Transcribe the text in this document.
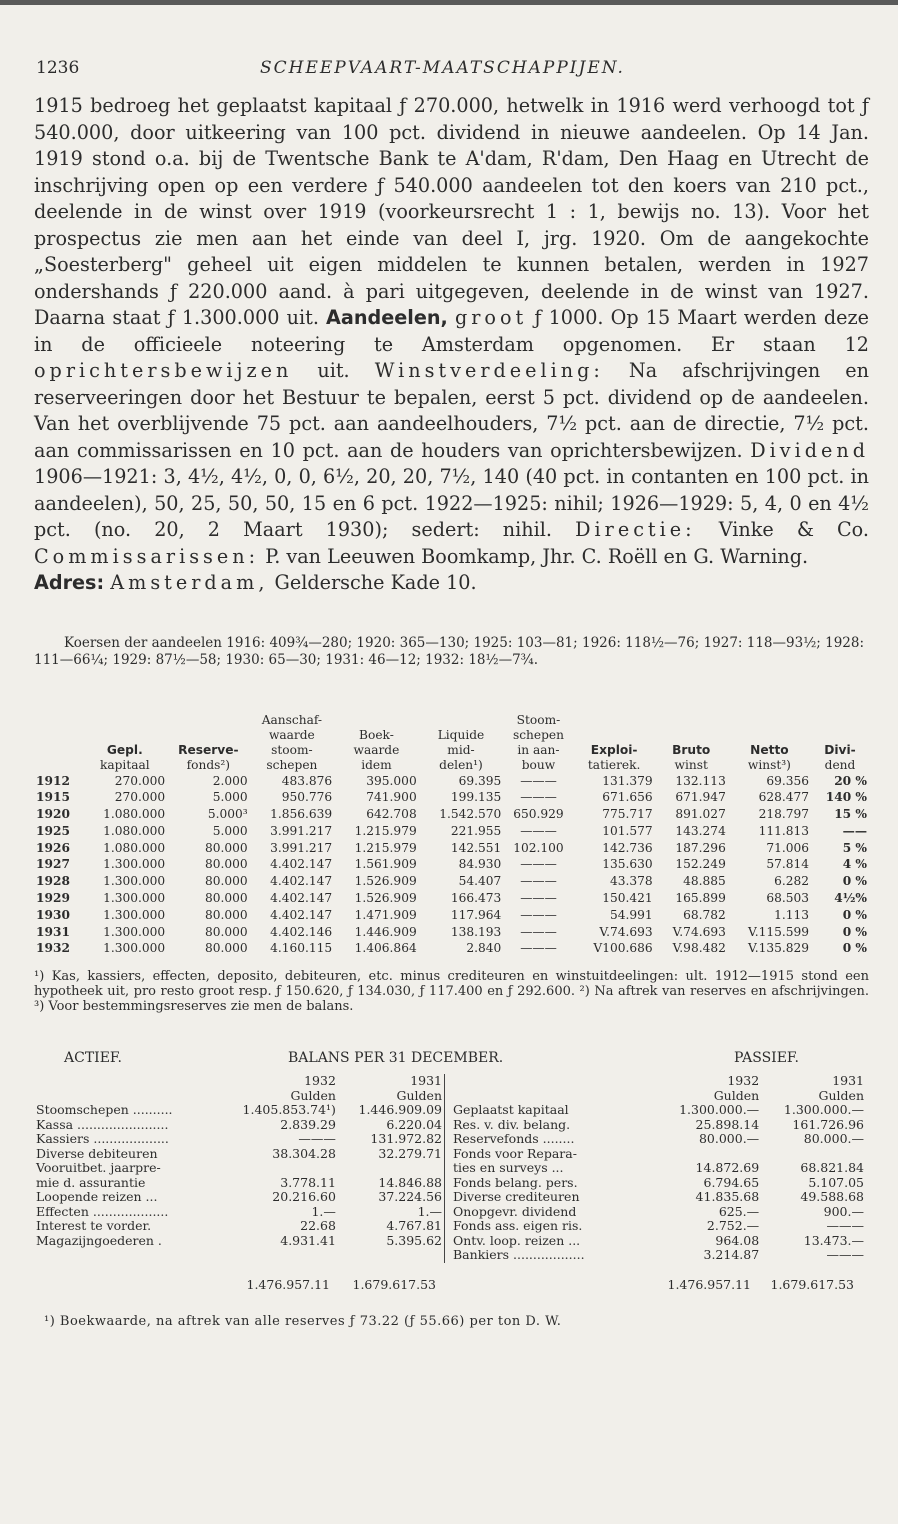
1236	SCHEEPVAART-MAATSCHAPPIJEN.

1915 bedroeg het geplaatst kapitaal ƒ 270.000, hetwelk in 1916 werd verhoogd tot ƒ 540.000, door uitkeering van 100 pct. dividend in nieuwe aandeelen. Op 14 Jan. 1919 stond o.a. bij de Twentsche Bank te A'dam, R'dam, Den Haag en Utrecht de inschrijving open op een verdere ƒ 540.000 aandeelen tot den koers van 210 pct., deelende in de winst over 1919 (voorkeursrecht 1 : 1, bewijs no. 13). Voor het prospectus zie men aan het einde van deel I, jrg. 1920. Om de aangekochte „Soesterberg" geheel uit eigen middelen te kunnen betalen, werden in 1927 ondershands ƒ 220.000 aand. à pari uitgegeven, deelende in de winst van 1927. Daarna staat ƒ 1.300.000 uit. Aandeelen, groot ƒ 1000. Op 15 Maart werden deze in de officieele noteering te Amsterdam opgenomen. Er staan 12 oprichtersbewijzen uit. Winstverdeeling: Na afschrijvingen en reserveeringen door het Bestuur te bepalen, eerst 5 pct. dividend op de aandeelen. Van het overblijvende 75 pct. aan aandeelhouders, 7½ pct. aan de directie, 7½ pct. aan commissarissen en 10 pct. aan de houders van oprichtersbewijzen. Dividend 1906—1921: 3, 4½, 4½, 0, 0, 6½, 20, 20, 7½, 140 (40 pct. in contanten en 100 pct. in aandeelen), 50, 25, 50, 50, 15 en 6 pct. 1922—1925: nihil; 1926—1929: 5, 4, 0 en 4½ pct. (no. 20, 2 Maart 1930); sedert: nihil. Directie: Vinke & Co. Commissarissen: P. van Leeuwen Boomkamp, Jhr. C. Roëll en G. Warning.

Adres: Amsterdam, Geldersche Kade 10.

Koersen der aandeelen 1916: 409¾—280; 1920: 365—130; 1925: 103—81; 1926: 118½—76; 1927: 118—93½; 1928: 111—66¼; 1929: 87½—58; 1930: 65—30; 1931: 46—12; 1932: 18½—7¾.
			Aanschaf-			Stoom-				
			waarde	Boek-	Liquide	schepen				
	Gepl.	Reserve-	stoom-	waarde	mid-	in aan-	Exploi-	Bruto	Netto	Divi-
	kapitaal	fonds²)	schepen	idem	delen¹)	bouw	tatierek.	winst	winst³)	dend
1912	270.000	2.000	483.876	395.000	69.395	———	131.379	132.113	69.356	20 %
1915	270.000	5.000	950.776	741.900	199.135	———	671.656	671.947	628.477	140 %
1920	1.080.000	5.000³	1.856.639	642.708	1.542.570	650.929	775.717	891.027	218.797	15 %
1925	1.080.000	5.000	3.991.217	1.215.979	221.955	———	101.577	143.274	111.813	——
1926	1.080.000	80.000	3.991.217	1.215.979	142.551	102.100	142.736	187.296	71.006	5 %
1927	1.300.000	80.000	4.402.147	1.561.909	84.930	———	135.630	152.249	57.814	4 %
1928	1.300.000	80.000	4.402.147	1.526.909	54.407	———	43.378	48.885	6.282	0 %
1929	1.300.000	80.000	4.402.147	1.526.909	166.473	———	150.421	165.899	68.503	4½%
1930	1.300.000	80.000	4.402.147	1.471.909	117.964	———	54.991	68.782	1.113	0 %
1931	1.300.000	80.000	4.402.146	1.446.909	138.193	———	V.74.693	V.74.693	V.115.599	0 %
1932	1.300.000	80.000	4.160.115	1.406.864	2.840	———	V100.686	V.98.482	V.135.829	0 %
¹) Kas, kassiers, effecten, deposito, debiteuren, etc. minus crediteuren en winstuitdeelingen: ult. 1912—1915 stond een hypotheek uit, pro resto groot resp. ƒ 150.620, ƒ 134.030, ƒ 117.400 en ƒ 292.600. ²) Na aftrek van reserves en afschrijvingen. ³) Voor bestemmingsreserves zie men de balans.
ACTIEF.	BALANS PER 31 DECEMBER.	PASSIEF.
	1932	1931
	Gulden	Gulden
Stoomschepen ..........	1.405.853.74¹)	1.446.909.09
Kassa .......................	2.839.29	6.220.04
Kassiers ...................	———	131.972.82
Diverse debiteuren	38.304.28	32.279.71
Vooruitbet. jaarpre-		
mie d. assurantie	3.778.11	14.846.88
Loopende reizen ...	20.216.60	37.224.56
Effecten ...................	1.—	1.—
Interest te vorder.	22.68	4.767.81
Magazijngoederen .	4.931.41	5.395.62
	1932	1931
	Gulden	Gulden
Geplaatst kapitaal	1.300.000.—	1.300.000.—
Res. v. div. belang.	25.898.14	161.726.96
Reservefonds ........	80.000.—	80.000.—
Fonds voor Repara-		
ties en surveys ...	14.872.69	68.821.84
Fonds belang. pers.	6.794.65	5.107.05
Diverse crediteuren	41.835.68	49.588.68
Onopgevr. dividend	625.—	900.—
Fonds ass. eigen ris.	2.752.—	———
Ontv. loop. reizen ...	964.08	13.473.—
Bankiers ..................	3.214.87	———
1.476.957.11	1.679.617.53	1.476.957.11	1.679.617.53
¹) Boekwaarde, na aftrek van alle reserves ƒ 73.22 (ƒ 55.66) per ton D. W.
